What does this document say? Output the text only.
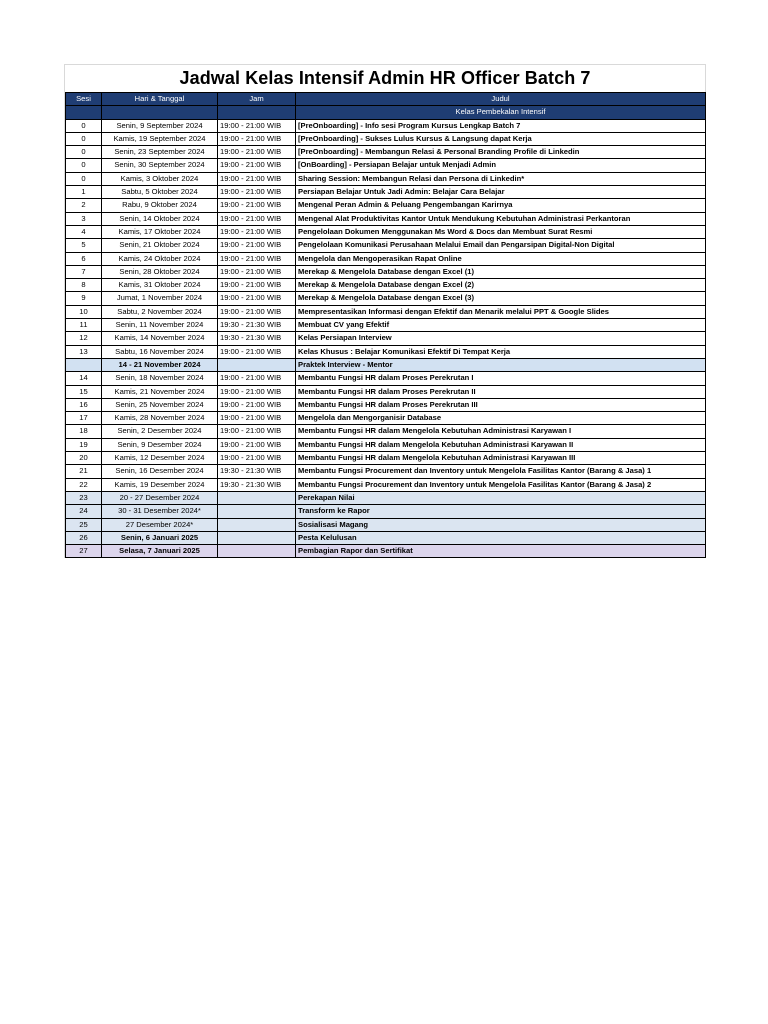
Jadwal Kelas Intensif Admin HR Officer Batch 7
Sesi	Hari & Tanggal	Jam	Judul
			Kelas Pembekalan Intensif
0	Senin, 9 September 2024	19:00 - 21:00 WIB	[PreOnboarding] - Info sesi Program Kursus Lengkap Batch 7
0	Kamis, 19 September 2024	19:00 - 21:00 WIB	[PreOnboarding] - Sukses Lulus Kursus & Langsung dapat Kerja
0	Senin, 23 September 2024	19:00 - 21:00 WIB	[PreOnboarding] - Membangun Relasi & Personal Branding Profile di Linkedin
0	Senin, 30 September 2024	19:00 - 21:00 WIB	[OnBoarding] - Persiapan Belajar untuk Menjadi Admin
0	Kamis, 3 Oktober 2024	19:00 - 21:00 WIB	Sharing Session: Membangun Relasi dan Persona di Linkedin*
1	Sabtu, 5 Oktober 2024	19:00 - 21:00 WIB	Persiapan Belajar Untuk Jadi Admin: Belajar Cara Belajar
2	Rabu, 9 Oktober 2024	19:00 - 21:00 WIB	Mengenal Peran Admin & Peluang Pengembangan Karirnya
3	Senin, 14 Oktober 2024	19:00 - 21:00 WIB	Mengenal Alat Produktivitas Kantor Untuk Mendukung Kebutuhan Administrasi Perkantoran
4	Kamis, 17 Oktober 2024	19:00 - 21:00 WIB	Pengelolaan Dokumen Menggunakan Ms Word & Docs dan Membuat Surat Resmi
5	Senin, 21 Oktober 2024	19:00 - 21:00 WIB	Pengelolaan Komunikasi Perusahaan Melalui Email dan Pengarsipan Digital-Non Digital
6	Kamis, 24 Oktober 2024	19:00 - 21:00 WIB	Mengelola dan Mengoperasikan Rapat Online
7	Senin, 28 Oktober 2024	19:00 - 21:00 WIB	Merekap & Mengelola Database dengan Excel (1)
8	Kamis, 31 Oktober 2024	19:00 - 21:00 WIB	Merekap & Mengelola Database dengan Excel (2)
9	Jumat, 1 November 2024	19:00 - 21:00 WIB	Merekap & Mengelola Database dengan Excel (3)
10	Sabtu, 2 November 2024	19:00 - 21:00 WIB	Mempresentasikan Informasi dengan Efektif dan Menarik melalui PPT & Google Slides
11	Senin, 11 November 2024	19:30 - 21:30 WIB	Membuat CV yang Efektif
12	Kamis, 14 November 2024	19:30 - 21:30 WIB	Kelas Persiapan Interview
13	Sabtu, 16 November 2024	19:00 - 21:00 WIB	Kelas Khusus : Belajar Komunikasi Efektif Di Tempat Kerja
	14 - 21 November 2024		Praktek Interview - Mentor
14	Senin, 18 November 2024	19:00 - 21:00 WIB	Membantu Fungsi HR dalam Proses Perekrutan I
15	Kamis, 21 November 2024	19:00 - 21:00 WIB	Membantu Fungsi HR dalam Proses Perekrutan II
16	Senin, 25 November 2024	19:00 - 21:00 WIB	Membantu Fungsi HR dalam Proses Perekrutan III
17	Kamis, 28 November 2024	19:00 - 21:00 WIB	Mengelola dan Mengorganisir Database
18	Senin, 2 Desember 2024	19:00 - 21:00 WIB	Membantu Fungsi HR dalam Mengelola Kebutuhan Administrasi Karyawan I
19	Senin, 9 Desember 2024	19:00 - 21:00 WIB	Membantu Fungsi HR dalam Mengelola Kebutuhan Administrasi Karyawan II
20	Kamis, 12 Desember 2024	19:00 - 21:00 WIB	Membantu Fungsi HR dalam Mengelola Kebutuhan Administrasi Karyawan III
21	Senin, 16 Desember 2024	19:30 - 21:30 WIB	Membantu Fungsi Procurement dan Inventory untuk Mengelola Fasilitas Kantor (Barang & Jasa) 1
22	Kamis, 19 Desember 2024	19:30 - 21:30 WIB	Membantu Fungsi Procurement dan Inventory untuk Mengelola Fasilitas Kantor (Barang & Jasa) 2
23	20 - 27 Desember 2024		Perekapan Nilai
24	30 - 31 Desember 2024*		Transform ke Rapor
25	27 Desember 2024*		Sosialisasi Magang
26	Senin, 6 Januari 2025		Pesta Kelulusan
27	Selasa, 7 Januari 2025		Pembagian Rapor dan Sertifikat
